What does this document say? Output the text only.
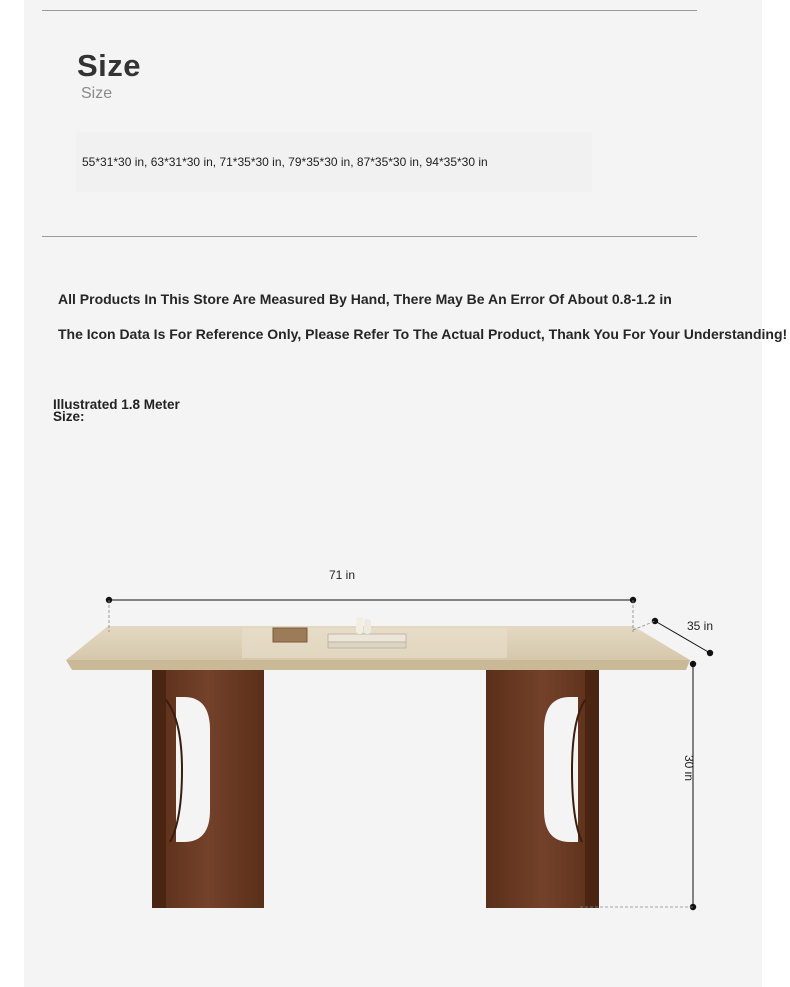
Size
Size
55*31*30 in, 63*31*30 in, 71*35*30 in, 79*35*30 in, 87*35*30 in, 94*35*30 in
All Products In This Store Are Measured By Hand, There May Be An Error Of About 0.8-1.2 in
The Icon Data Is For Reference Only, Please Refer To The Actual Product, Thank You For Your Understanding!
Illustrated 1.8 Meter
Size:
71 in
35 in
30 in
